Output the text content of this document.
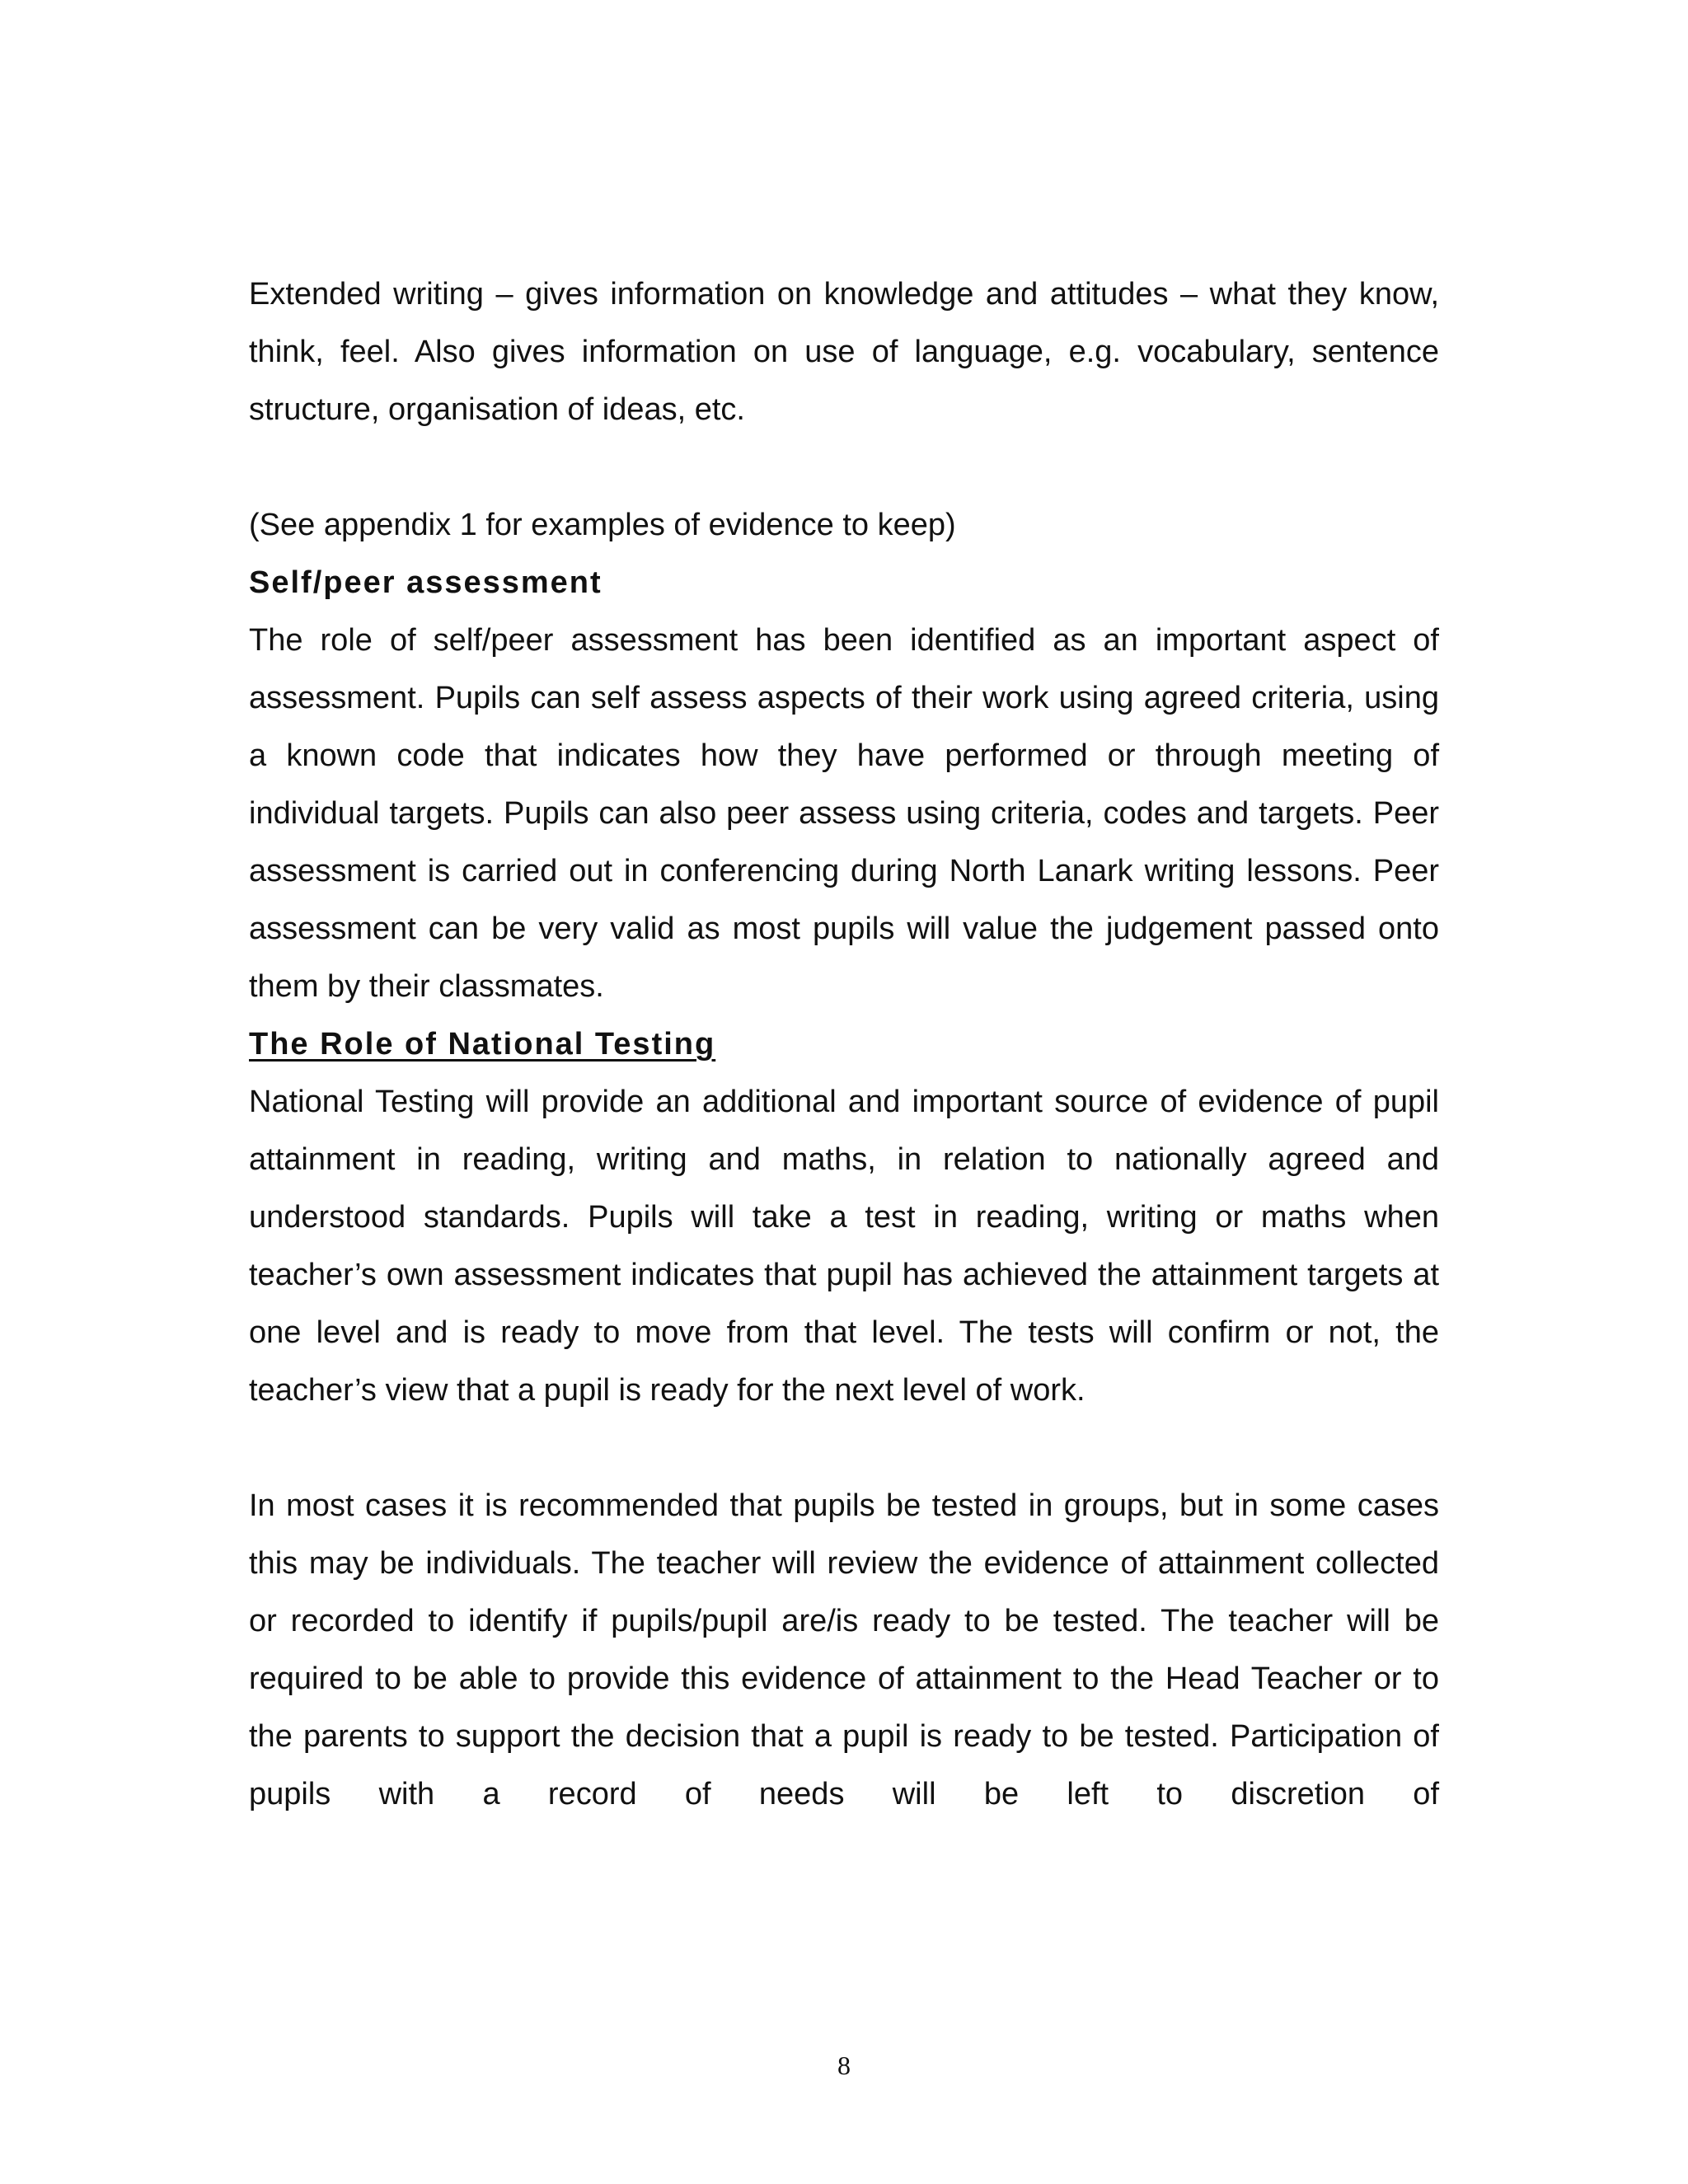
Extended writing – gives information on knowledge and attitudes – what they know, think, feel. Also gives information on use of language, e.g. vocabulary, sentence structure, organisation of ideas, etc.

(See appendix 1 for examples of evidence to keep)

Self/peer assessment

The role of self/peer assessment has been identified as an important aspect of assessment. Pupils can self assess aspects of their work using agreed criteria, using a known code that indicates how they have performed or through meeting of individual targets. Pupils can also peer assess using criteria, codes and targets. Peer assessment is carried out in conferencing during North Lanark writing lessons. Peer assessment can be very valid as most pupils will value the judgement passed onto them by their classmates.

The Role of National Testing

National Testing will provide an additional and important source of evidence of pupil attainment in reading, writing and maths, in relation to nationally agreed and understood standards. Pupils will take a test in reading, writing or maths when teacher’s own assessment indicates that pupil has achieved the attainment targets at one level and is ready to move from that level. The tests will confirm or not, the teacher’s view that a pupil is ready for the next level of work.

In most cases it is recommended that pupils be tested in groups, but in some cases this may be individuals. The teacher will review the evidence of attainment collected or recorded to identify if pupils/pupil are/is ready to be tested. The teacher will be required to be able to provide this evidence of attainment to the Head Teacher or to the parents to support the decision that a pupil is ready to be tested. Participation of pupils with a record of needs will be left to discretion of

8
